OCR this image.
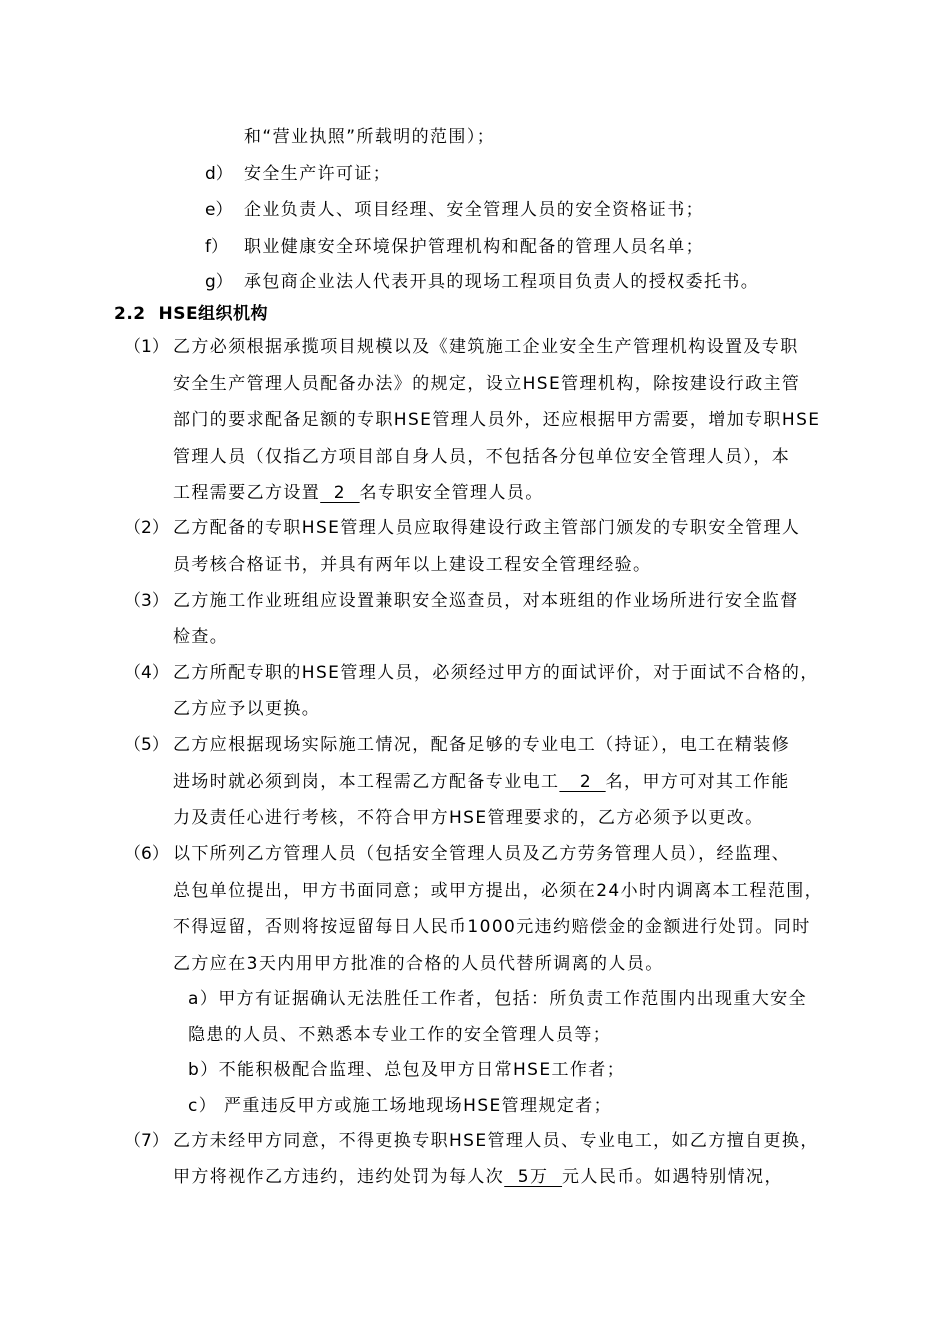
和“营业执照”所载明的范围）；
d） 安全生产许可证；
e） 企业负责人、项目经理、安全管理人员的安全资格证书；
f） 职业健康安全环境保护管理机构和配备的管理人员名单；
g） 承包商企业法人代表开具的现场工程项目负责人的授权委托书。
2.2 HSE组织机构
（1） 乙方必须根据承揽项目规模以及《建筑施工企业安全生产管理机构设置及专职
安全生产管理人员配备办法》的规定，设立HSE管理机构，除按建设行政主管
部门的要求配备足额的专职HSE管理人员外，还应根据甲方需要，增加专职HSE
管理人员（仅指乙方项目部自身人员，不包括各分包单位安全管理人员），本
工程需要乙方设置  2  名专职安全管理人员。
（2） 乙方配备的专职HSE管理人员应取得建设行政主管部门颁发的专职安全管理人
员考核合格证书，并具有两年以上建设工程安全管理经验。
（3） 乙方施工作业班组应设置兼职安全巡查员，对本班组的作业场所进行安全监督
检查。
（4） 乙方所配专职的HSE管理人员，必须经过甲方的面试评价，对于面试不合格的，
乙方应予以更换。
（5） 乙方应根据现场实际施工情况，配备足够的专业电工（持证），电工在精装修
进场时就必须到岗，本工程需乙方配备专业电工   2  名，甲方可对其工作能
力及责任心进行考核，不符合甲方HSE管理要求的，乙方必须予以更改。
（6） 以下所列乙方管理人员（包括安全管理人员及乙方劳务管理人员），经监理、
总包单位提出，甲方书面同意；或甲方提出，必须在24小时内调离本工程范围，
不得逗留，否则将按逗留每日人民币1000元违约赔偿金的金额进行处罚。同时
乙方应在3天内用甲方批准的合格的人员代替所调离的人员。
a）甲方有证据确认无法胜任工作者，包括：所负责工作范围内出现重大安全
隐患的人员、不熟悉本专业工作的安全管理人员等；
b）不能积极配合监理、总包及甲方日常HSE工作者；
c） 严重违反甲方或施工场地现场HSE管理规定者；
（7） 乙方未经甲方同意，不得更换专职HSE管理人员、专业电工，如乙方擅自更换，
甲方将视作乙方违约，违约处罚为每人次  5万  元人民币。如遇特别情况，
